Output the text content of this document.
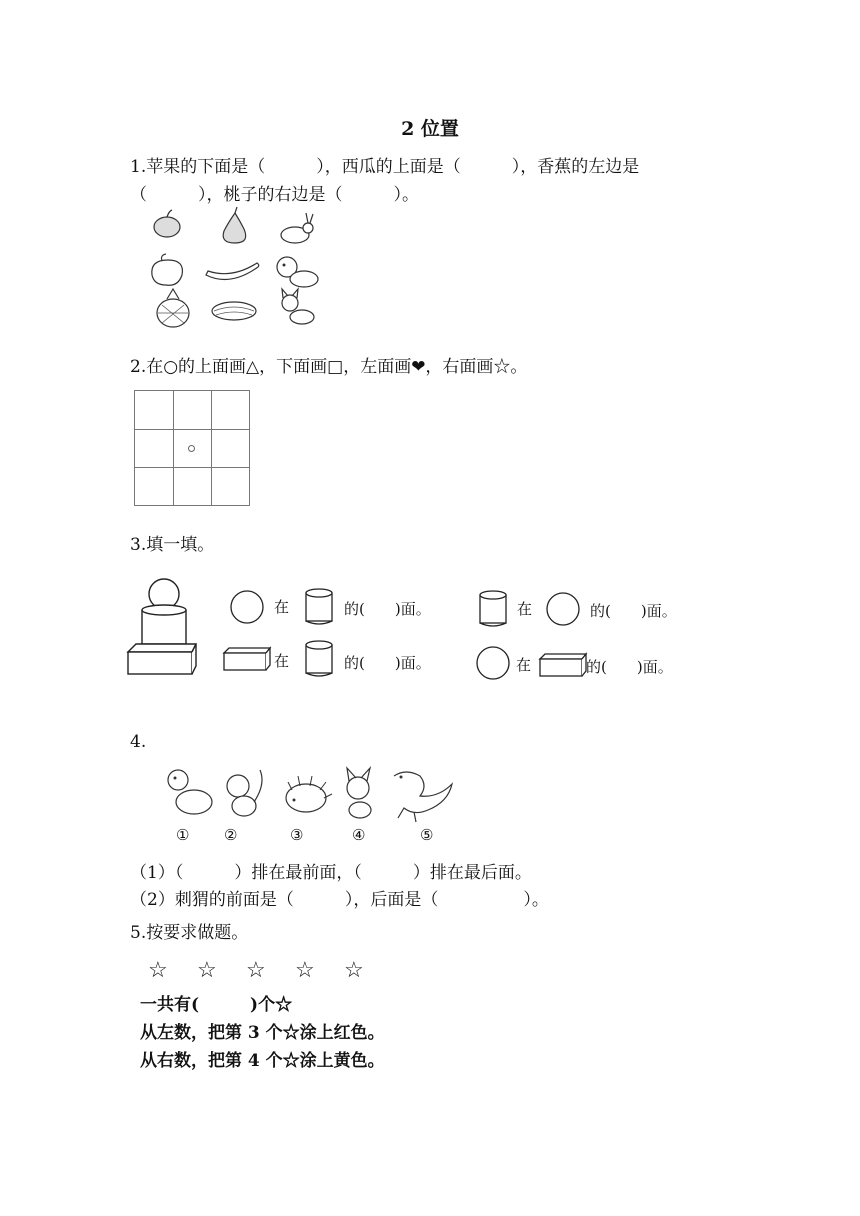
2 位置
1.苹果的下面是（　　　），西瓜的上面是（　　　），香蕉的左边是
（　　　），桃子的右边是（　　　）。
2.在○的上面画△，下面画□，左面画❤，右面画☆。
3.填一填。
在	的(　　)面。	在	的(　　)面。
在	的(　　)面。	在	的(　　)面。
4.
① ②	③	④	⑤
（1）（　　　）排在最前面，（　　　）排在最后面。
（2）刺猬的前面是（　　　），后面是（　　　　　）。
5.按要求做题。
☆ ☆ ☆ ☆ ☆
一共有(　　　)个☆
从左数，把第 3 个☆涂上红色。
从右数，把第 4 个☆涂上黄色。
